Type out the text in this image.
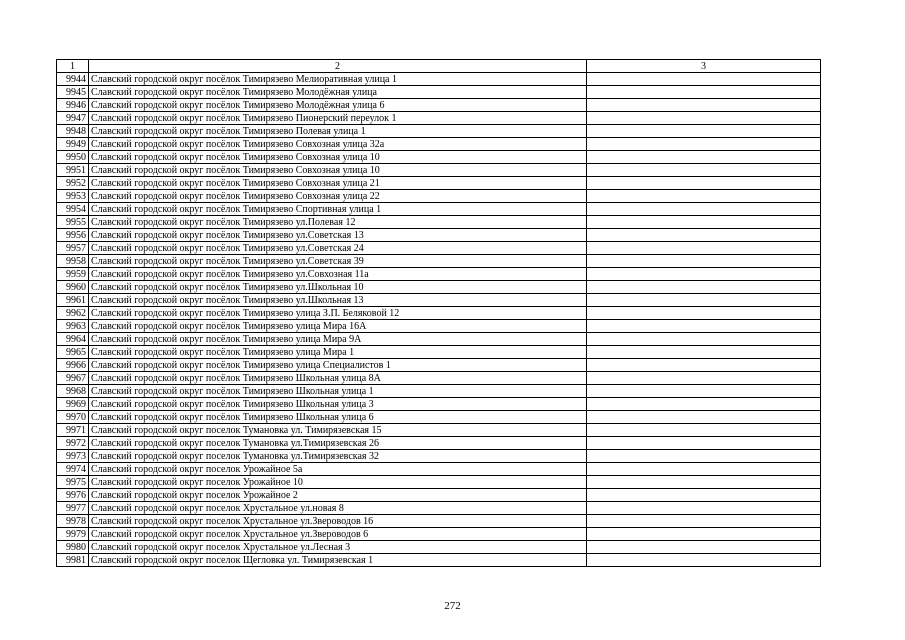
1	2	3
9944	Славский городской округ посёлок Тимирязево Мелиоративная улица 1	
9945	Славский городской округ посёлок Тимирязево Молодёжная улица	
9946	Славский городской округ посёлок Тимирязево Молодёжная улица 6	
9947	Славский городской округ посёлок Тимирязево Пионерский переулок 1	
9948	Славский городской округ посёлок Тимирязево Полевая улица 1	
9949	Славский городской округ посёлок Тимирязево Совхозная улица 32а	
9950	Славский городской округ посёлок Тимирязево Совхозная улица 10	
9951	Славский городской округ посёлок Тимирязево Совхозная улица 10	
9952	Славский городской округ посёлок Тимирязево Совхозная улица 21	
9953	Славский городской округ посёлок Тимирязево Совхозная улица 22	
9954	Славский городской округ посёлок Тимирязево Спортивная улица 1	
9955	Славский городской округ посёлок Тимирязево ул.Полевая 12	
9956	Славский городской округ посёлок Тимирязево ул.Советская 13	
9957	Славский городской округ посёлок Тимирязево ул.Советская 24	
9958	Славский городской округ посёлок Тимирязево ул.Советская 39	
9959	Славский городской округ посёлок Тимирязево ул.Совхозная 11а	
9960	Славский городской округ посёлок Тимирязево ул.Школьная 10	
9961	Славский городской округ посёлок Тимирязево ул.Школьная 13	
9962	Славский городской округ посёлок Тимирязево улица З.П. Беляковой 12	
9963	Славский городской округ посёлок Тимирязево улица Мира 16А	
9964	Славский городской округ посёлок Тимирязево улица Мира 9А	
9965	Славский городской округ посёлок Тимирязево улица Мира 1	
9966	Славский городской округ посёлок Тимирязево улица Специалистов 1	
9967	Славский городской округ посёлок Тимирязево Школьная улица 8А	
9968	Славский городской округ посёлок Тимирязево Школьная улица 1	
9969	Славский городской округ посёлок Тимирязево Школьная улица 3	
9970	Славский городской округ посёлок Тимирязево Школьная улица 6	
9971	Славский городской округ поселок Тумановка ул. Тимирязевская 15	
9972	Славский городской округ поселок Тумановка ул.Тимирязевская 26	
9973	Славский городской округ поселок Тумановка ул.Тимирязевская 32	
9974	Славский городской округ поселок Урожайное 5а	
9975	Славский городской округ поселок Урожайное 10	
9976	Славский городской округ поселок Урожайное 2	
9977	Славский городской округ поселок Хрустальное ул.новая 8	
9978	Славский городской округ поселок Хрустальное ул.Звероводов 16	
9979	Славский городской округ поселок Хрустальное ул.Звероводов 6	
9980	Славский городской округ поселок Хрустальное ул.Лесная 3	
9981	Славский городской округ поселок Щегловка ул. Тимирязевская 1	
272
